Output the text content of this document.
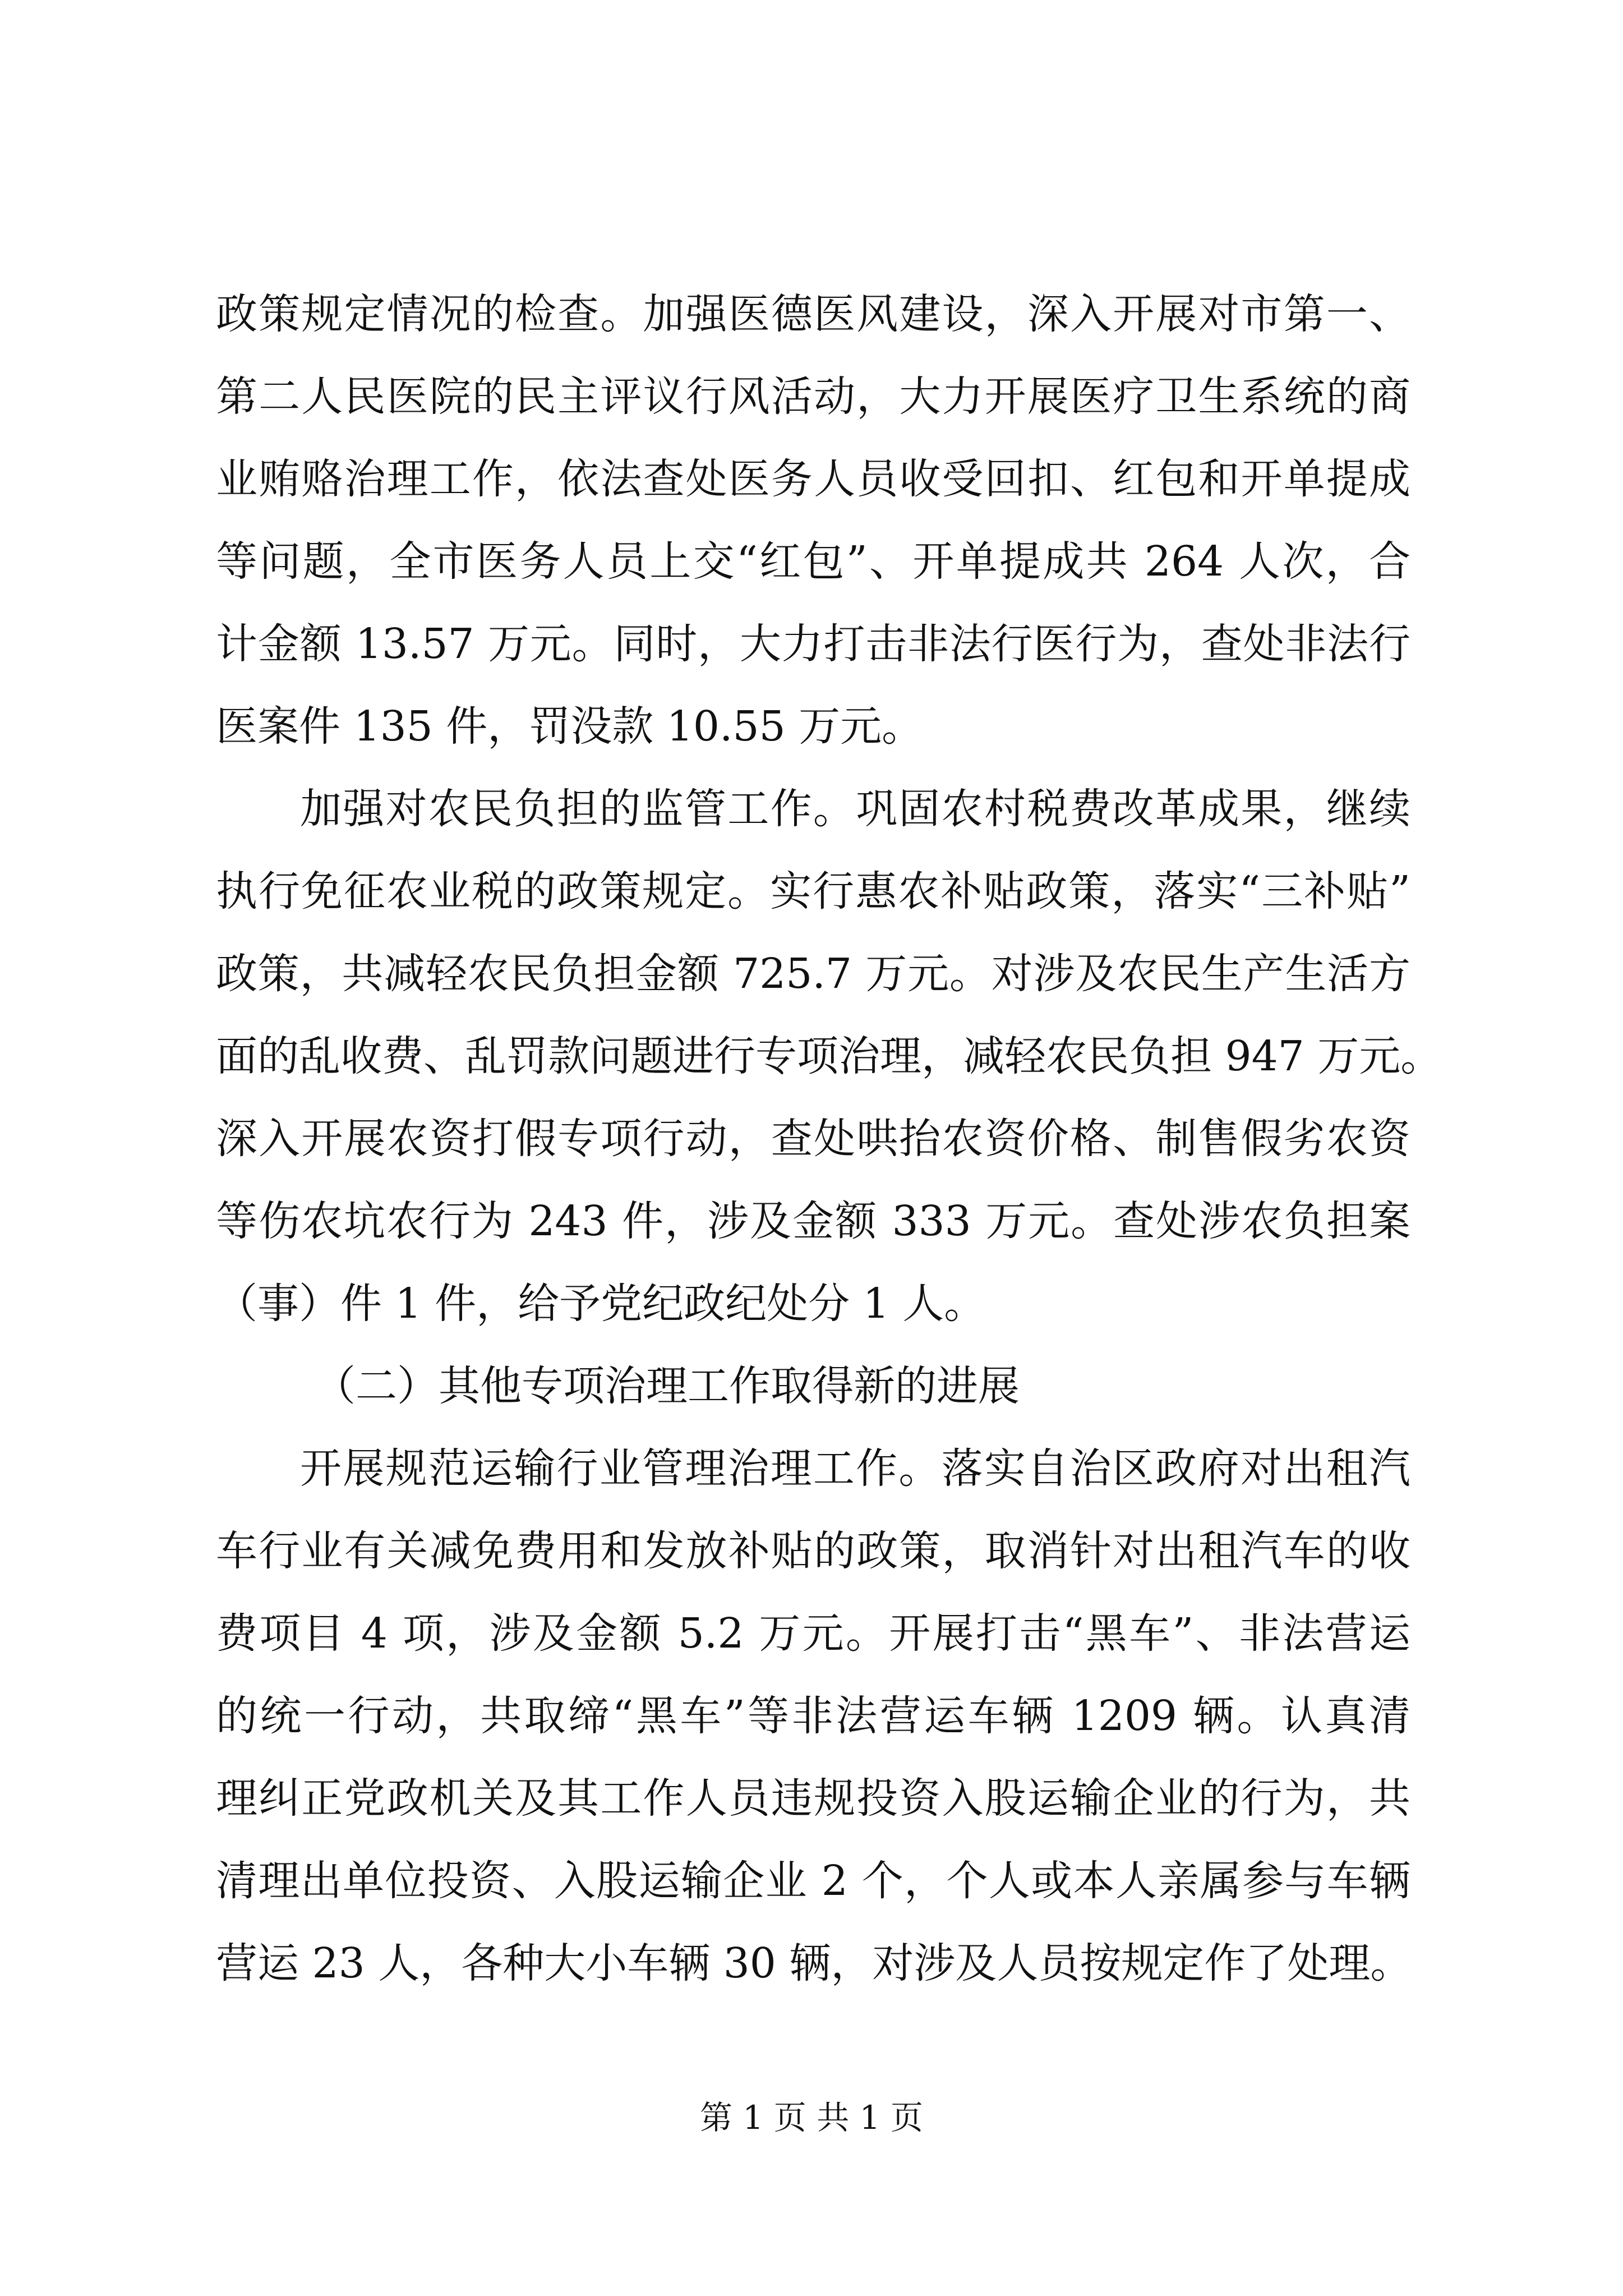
政策规定情况的检查。加强医德医风建设，深入开展对市第一、
第二人民医院的民主评议行风活动，大力开展医疗卫生系统的商
业贿赂治理工作，依法查处医务人员收受回扣、红包和开单提成
等问题，全市医务人员上交“红包”、开单提成共 264 人次，合
计金额 13.57 万元。同时，大力打击非法行医行为，查处非法行
医案件 135 件，罚没款 10.55 万元。
加强对农民负担的监管工作。巩固农村税费改革成果，继续
执行免征农业税的政策规定。实行惠农补贴政策，落实“三补贴”
政策，共减轻农民负担金额 725.7 万元。对涉及农民生产生活方
面的乱收费、乱罚款问题进行专项治理，减轻农民负担 947 万元。
深入开展农资打假专项行动，查处哄抬农资价格、制售假劣农资
等伤农坑农行为 243 件，涉及金额 333 万元。查处涉农负担案
（事）件 1 件，给予党纪政纪处分 1 人。
（二）其他专项治理工作取得新的进展
开展规范运输行业管理治理工作。落实自治区政府对出租汽
车行业有关减免费用和发放补贴的政策，取消针对出租汽车的收
费项目 4 项，涉及金额 5.2 万元。开展打击“黑车”、非法营运
的统一行动，共取缔“黑车”等非法营运车辆 1209 辆。认真清
理纠正党政机关及其工作人员违规投资入股运输企业的行为，共
清理出单位投资、入股运输企业 2 个，个人或本人亲属参与车辆
营运 23 人，各种大小车辆 30 辆，对涉及人员按规定作了处理。
第 1 页 共 1 页
